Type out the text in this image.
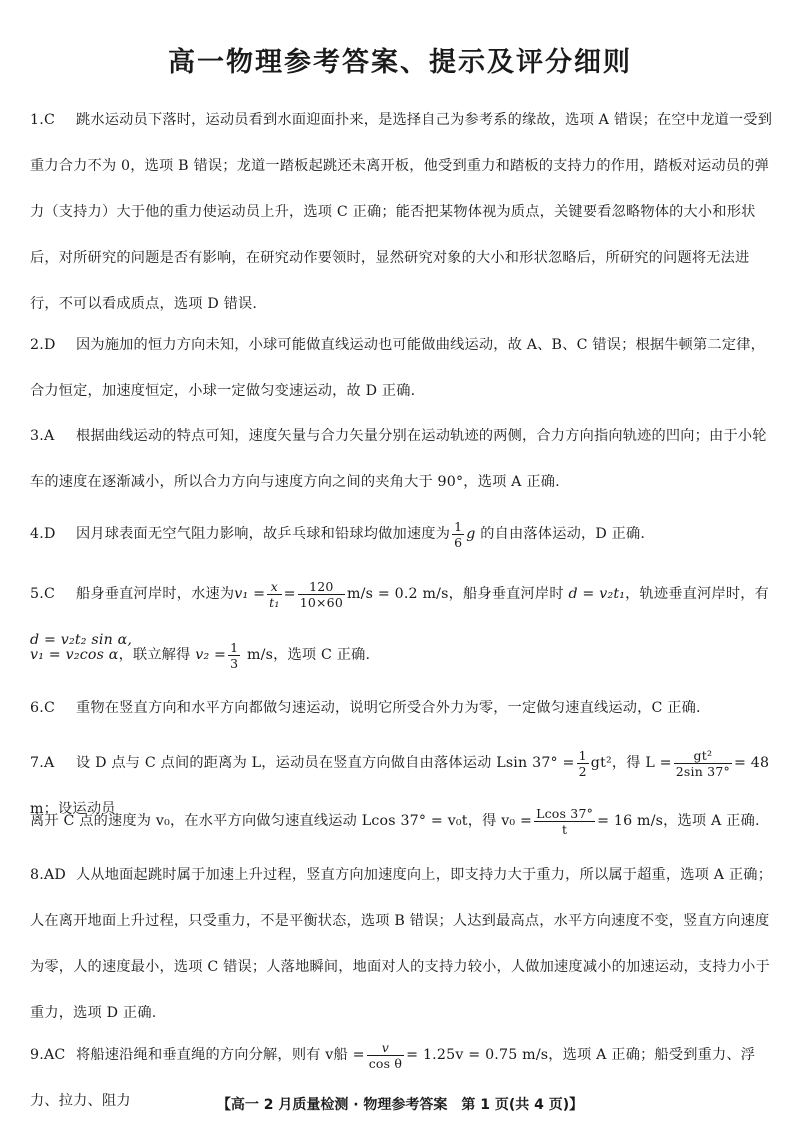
高一物理参考答案、提示及评分细则
1.C 跳水运动员下落时，运动员看到水面迎面扑来，是选择自己为参考系的缘故，选项 A 错误；在空中龙道一受到重力合力不为 0，选项 B 错误；龙道一踏板起跳还未离开板，他受到重力和踏板的支持力的作用，踏板对运动员的弹力（支持力）大于他的重力使运动员上升，选项 C 正确；能否把某物体视为质点，关键要看忽略物体的大小和形状后，对所研究的问题是否有影响，在研究动作要领时，显然研究对象的大小和形状忽略后，所研究的问题将无法进行，不可以看成质点，选项 D 错误.
2.D 因为施加的恒力方向未知，小球可能做直线运动也可能做曲线运动，故 A、B、C 错误；根据牛顿第二定律，合力恒定，加速度恒定，小球一定做匀变速运动，故 D 正确.
3.A 根据曲线运动的特点可知，速度矢量与合力矢量分别在运动轨迹的两侧，合力方向指向轨迹的凹向；由于小轮车的速度在逐渐减小，所以合力方向与速度方向之间的夹角大于 90°，选项 A 正确.
4.D 因月球表面无空气阻力影响，故乒乓球和铅球均做加速度为 $\frac{1}{6}$ g 的自由落体运动，D 正确.
5.C 船身垂直河岸时，水速为$v_1 = \frac{x}{\text{t₁}} = \frac{120}{10\times 60} m/s = 0.2$ m/s，船身垂直河岸时 d = v₂t₁，轨迹垂直河岸时，有 d = v₂t₂ sin α,
v₁ = v₂cos α，联立解得 $v_2 = \frac{1}{3} m/s$，选项 C 正确.
6.C 重物在竖直方向和水平方向都做匀速运动，说明它所受合外力为零，一定做匀速直线运动，C 正确.
7.A 设 D 点与 C 点间的距离为 L，运动员在竖直方向做自由落体运动 Lsin $37^\circ = \frac{1}{2} gt^2$，得 $L = \frac{\text{gt²}}{2\sin 37^\circ} = 48$ m；设运动员
离开 C 点的速度为 v₀，在水平方向做匀速直线运动 Lcos 37° = v₀t，得 $v_0 = \frac{Lcos 37^\circ}{t} = 16$ m/s，选项 A 正确.
8.AD 人从地面起跳时属于加速上升过程，竖直方向加速度向上，即支持力大于重力，所以属于超重，选项 A 正确；人在离开地面上升过程，只受重力，不是平衡状态，选项 B 错误；人达到最高点，水平方向速度不变，竖直方向速度为零，人的速度最小，选项 C 错误；人落地瞬间，地面对人的支持力较小，人做加速度减小的加速运动，支持力小于重力，选项 D 正确.
9.AC 将船速沿绳和垂直绳的方向分解，则有 v船 = $\frac{v}{\text{cos θ}} = 1.25v = 0.75$ m/s，选项 A 正确；船受到重力、浮力、拉力、阻力	【高一 2 月质量检测 · 物理参考答案　第 1 页(共 4 页)】
